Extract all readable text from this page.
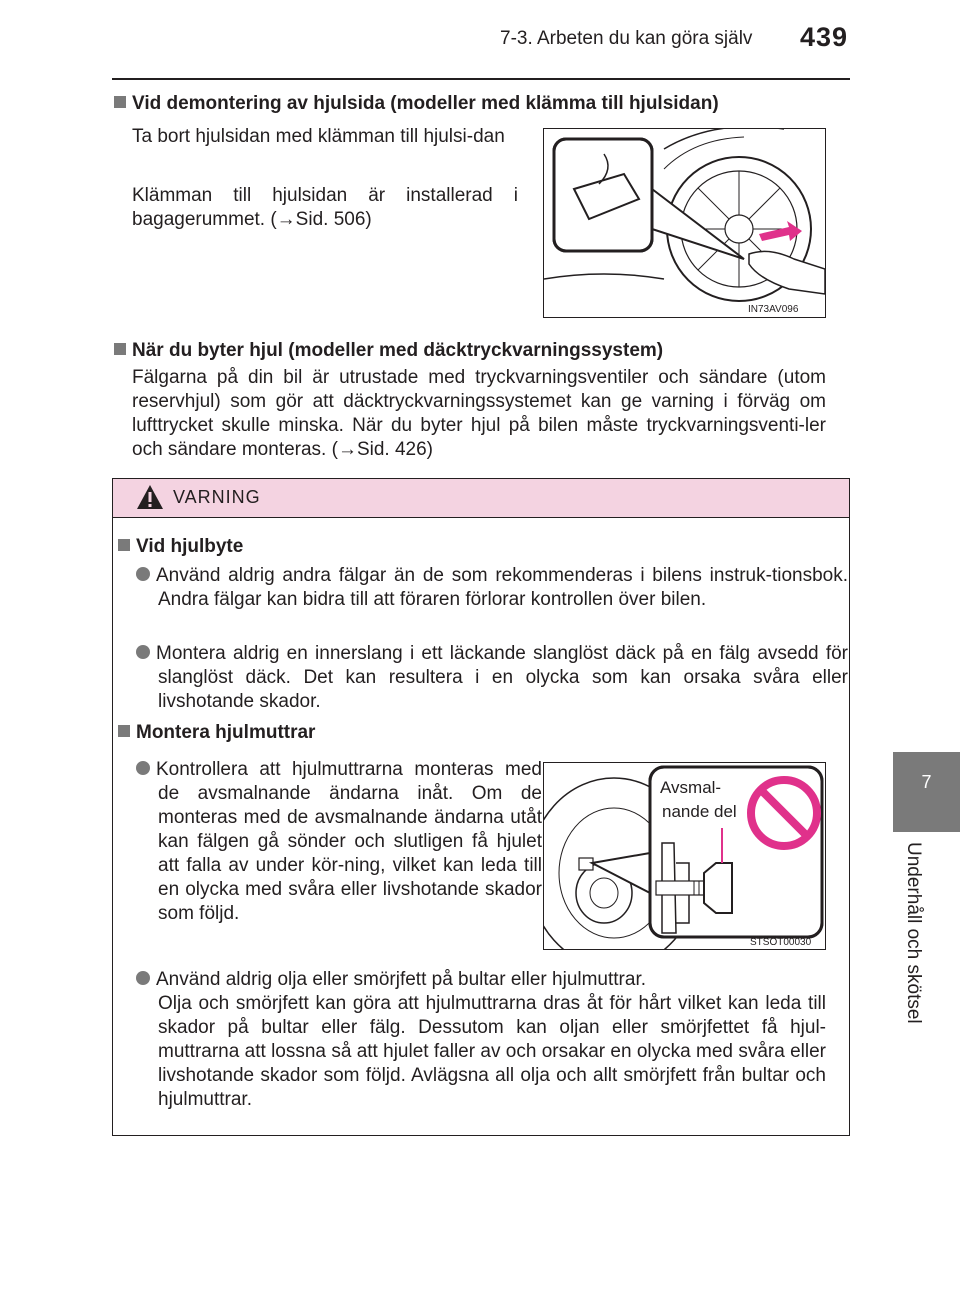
7-3. Arbeten du kan göra själv 439
7
Underhåll och skötsel
Vid demontering av hjulsida (modeller med klämma till hjulsidan)
Ta bort hjulsidan med klämman till hjulsi-dan
Klämman till hjulsidan är installerad i bagagerummet. (→Sid. 506)
IN73AV096
När du byter hjul (modeller med däcktryckvarningssystem)
Fälgarna på din bil är utrustade med tryckvarningsventiler och sändare (utom reservhjul) som gör att däcktryckvarningssystemet kan ge varning i förväg om lufttrycket skulle minska. När du byter hjul på bilen måste tryckvarningsventi-ler och sändare monteras. (→Sid. 426)
VARNING
Vid hjulbyte
Använd aldrig andra fälgar än de som rekommenderas i bilens instruk-tionsbok. Andra fälgar kan bidra till att föraren förlorar kontrollen över bilen.
Montera aldrig en innerslang i ett läckande slanglöst däck på en fälg avsedd för slanglöst däck. Det kan resultera i en olycka som kan orsaka svåra eller livshotande skador.
Montera hjulmuttrar
Kontrollera att hjulmuttrarna monteras med de avsmalnande ändarna inåt. Om de monteras med de avsmalnande ändarna utåt kan fälgen gå sönder och slutligen få hjulet att falla av under kör-ning, vilket kan leda till en olycka med svåra eller livshotande skador som följd.
Avsmal-
nande del
STSOT00030
Använd aldrig olja eller smörjfett på bultar eller hjulmuttrar.
Olja och smörjfett kan göra att hjulmuttrarna dras åt för hårt vilket kan leda till skador på bultar eller fälg. Dessutom kan oljan eller smörjfettet få hjul-muttrarna att lossna så att hjulet faller av och orsakar en olycka med svåra eller livshotande skador som följd. Avlägsna all olja och allt smörjfett från bultar och hjulmuttrar.
